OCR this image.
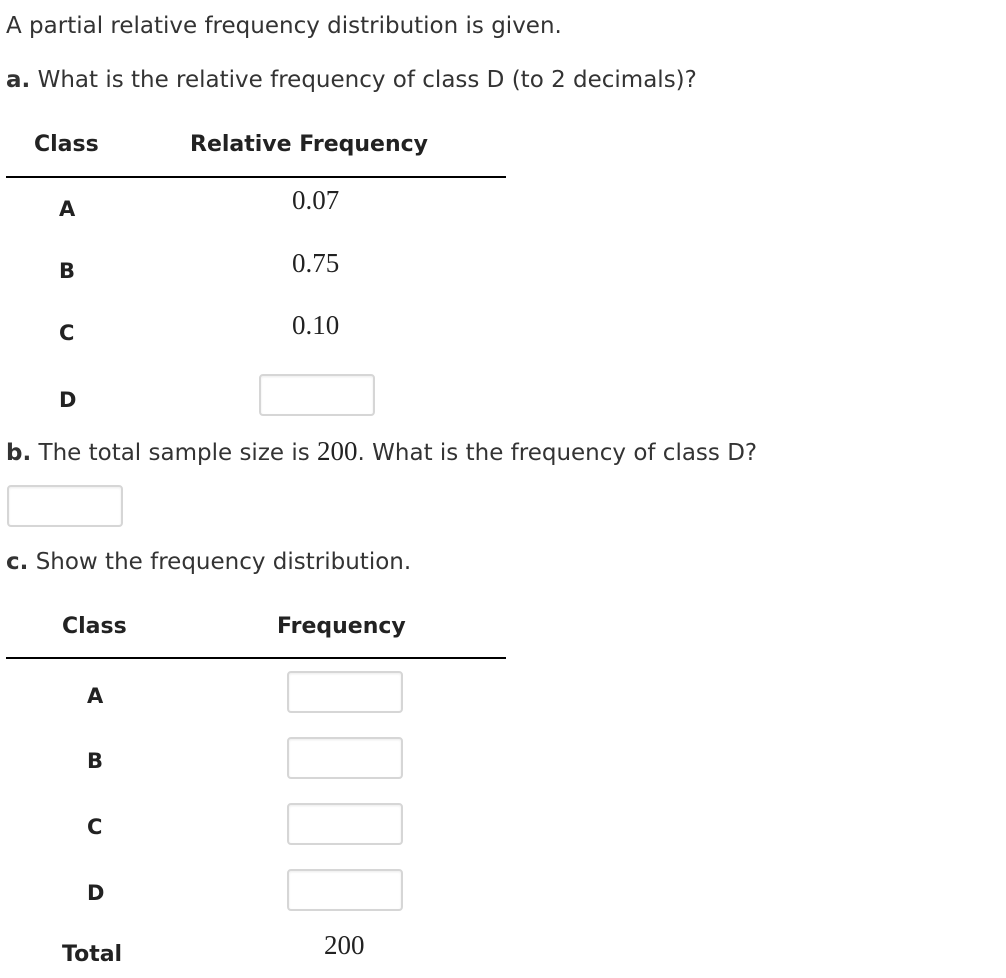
A partial relative frequency distribution is given.
a. What is the relative frequency of class D (to 2 decimals)?
Class	Relative Frequency
A	0.07
B	0.75
C	0.10
D
b. The total sample size is 200. What is the frequency of class D?
c. Show the frequency distribution.
Class	Frequency
A
B
C
D
Total	200
